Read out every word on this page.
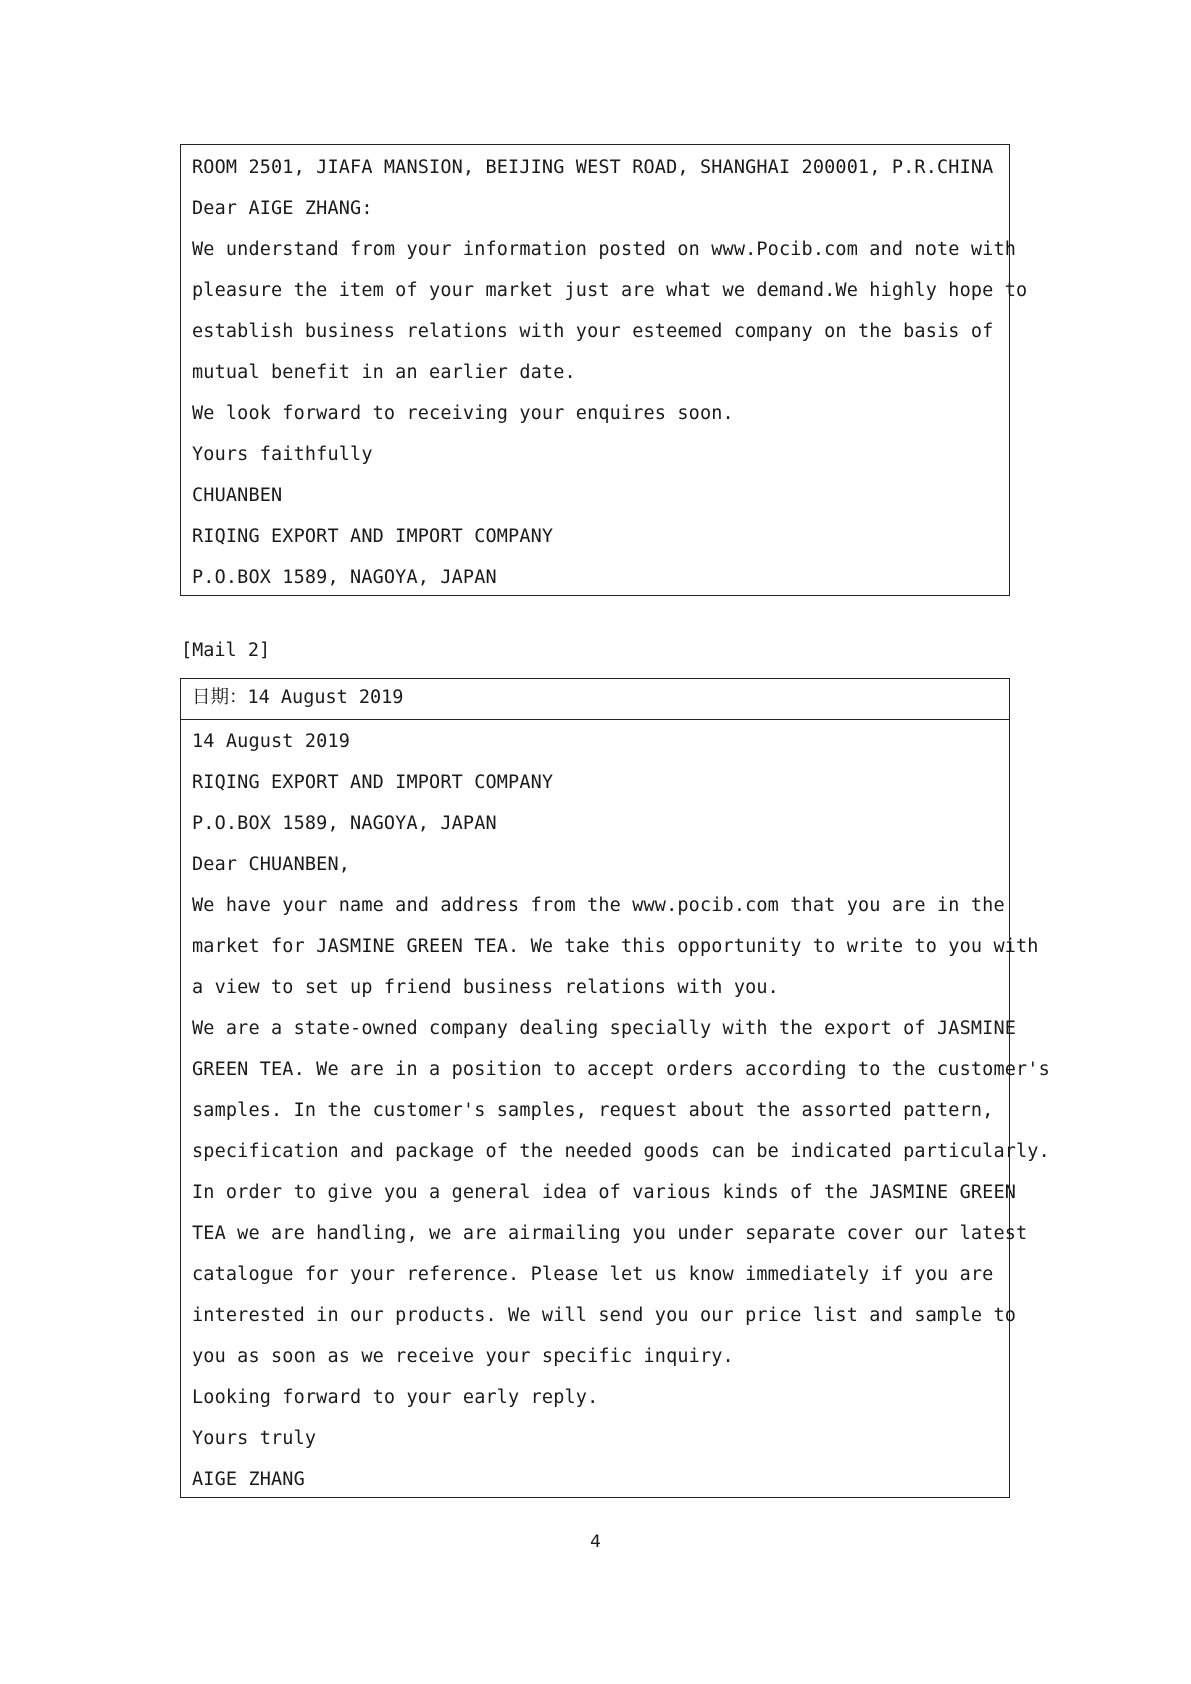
ROOM 2501, JIAFA MANSION, BEIJING WEST ROAD, SHANGHAI 200001, P.R.CHINA
Dear AIGE ZHANG:
We understand from your information posted on www.Pocib.com and note with
pleasure the item of your market just are what we demand.We highly hope to
establish business relations with your esteemed company on the basis of
mutual benefit in an earlier date.
We look forward to receiving your enquires soon.
Yours faithfully
CHUANBEN
RIQING EXPORT AND IMPORT COMPANY
P.O.BOX 1589, NAGOYA, JAPAN
[Mail 2]
日期：14 August 2019
14 August 2019
RIQING EXPORT AND IMPORT COMPANY
P.O.BOX 1589, NAGOYA, JAPAN
Dear CHUANBEN,
We have your name and address from the www.pocib.com that you are in the
market for JASMINE GREEN TEA. We take this opportunity to write to you with
a view to set up friend business relations with you.
We are a state-owned company dealing specially with the export of JASMINE
GREEN TEA. We are in a position to accept orders according to the customer's
samples. In the customer's samples, request about the assorted pattern,
specification and package of the needed goods can be indicated particularly.
In order to give you a general idea of various kinds of the JASMINE GREEN
TEA we are handling, we are airmailing you under separate cover our latest
catalogue for your reference. Please let us know immediately if you are
interested in our products. We will send you our price list and sample to
you as soon as we receive your specific inquiry.
Looking forward to your early reply.
Yours truly
AIGE ZHANG
4
